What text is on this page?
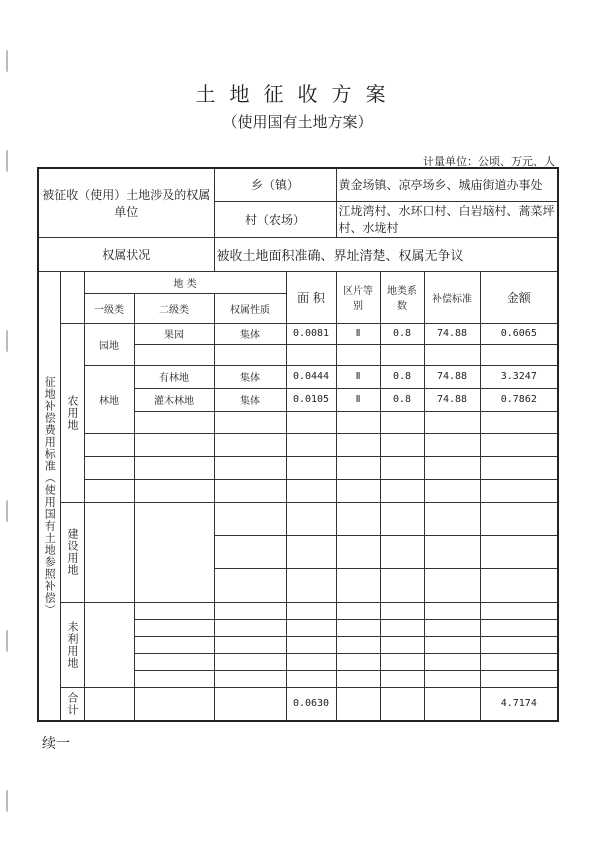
土地征收方案
（使用国有土地方案）
计量单位：公顷、万元、人
被征收（使用）土地涉及的权属单位				乡（镇）		黄金场镇、凉亭场乡、城庙街道办事处			
				村（农场）		江垅湾村、水环口村、白岩垴村、蒿菜坪村、水垅村			
权属状况				被收土地面积准确、界址清楚、权属无争议					

征地补偿费用标准（使用国有土地参照补偿）		地 类			面 积	区片等别	地类系数	补偿标准	金额
		一级类	二级类	权属性质					

	农用地	园地	果园	集体	0.0081	Ⅱ	0.8	74.88	0.6065

		林地	有林地	集体	0.0444	Ⅱ	0.8	74.88	3.3247
			灌木林地	集体	0.0105	Ⅱ	0.8	74.88	0.7862

	建设用地								

	未利用地								

	合计				0.0630				4.7174
续一
